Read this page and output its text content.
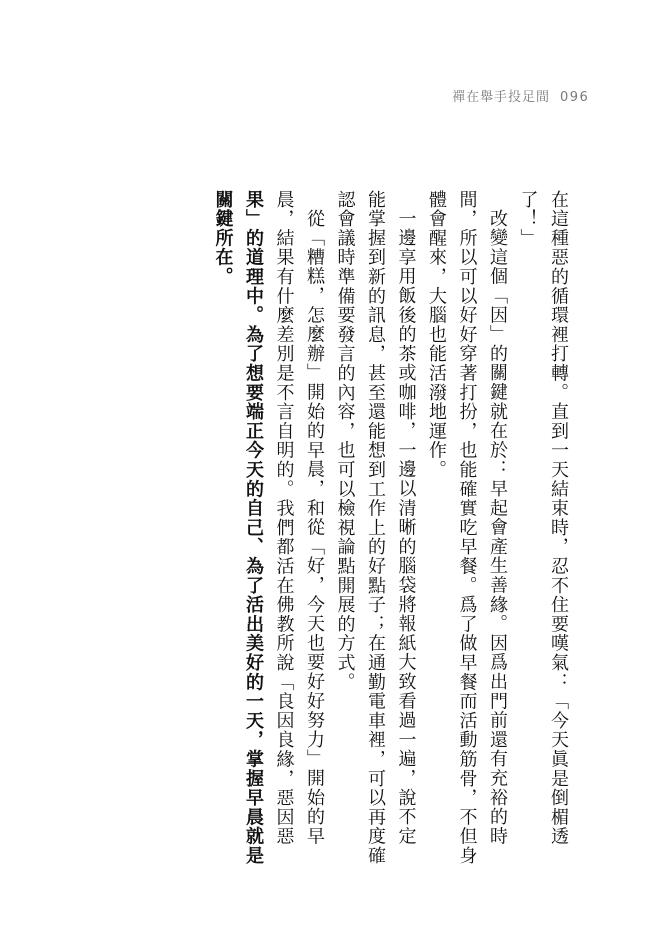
禪在舉手投足間 096
在這種惡的循環裡打轉。直到一天結束時，忍不住要嘆氣：「今天眞是倒楣透
了！」
改變這個「因」的關鍵就在於：早起會產生善緣。因爲出門前還有充裕的時
間，所以可以好好穿著打扮，也能確實吃早餐。爲了做早餐而活動筋骨，不但身
體會醒來，大腦也能活潑地運作。
一邊享用飯後的茶或咖啡，一邊以清晰的腦袋將報紙大致看過一遍，說不定
能掌握到新的訊息，甚至還能想到工作上的好點子；在通勤電車裡，可以再度確
認會議時準備要發言的內容，也可以檢視論點開展的方式。
從「糟糕，怎麼辦」開始的早晨，和從「好，今天也要好好努力」開始的早
晨，結果有什麼差別是不言自明的。我們都活在佛教所說「良因良緣，惡因惡
果」的道理中。為了想要端正今天的自己、為了活出美好的一天，掌握早晨就是
關鍵所在。
